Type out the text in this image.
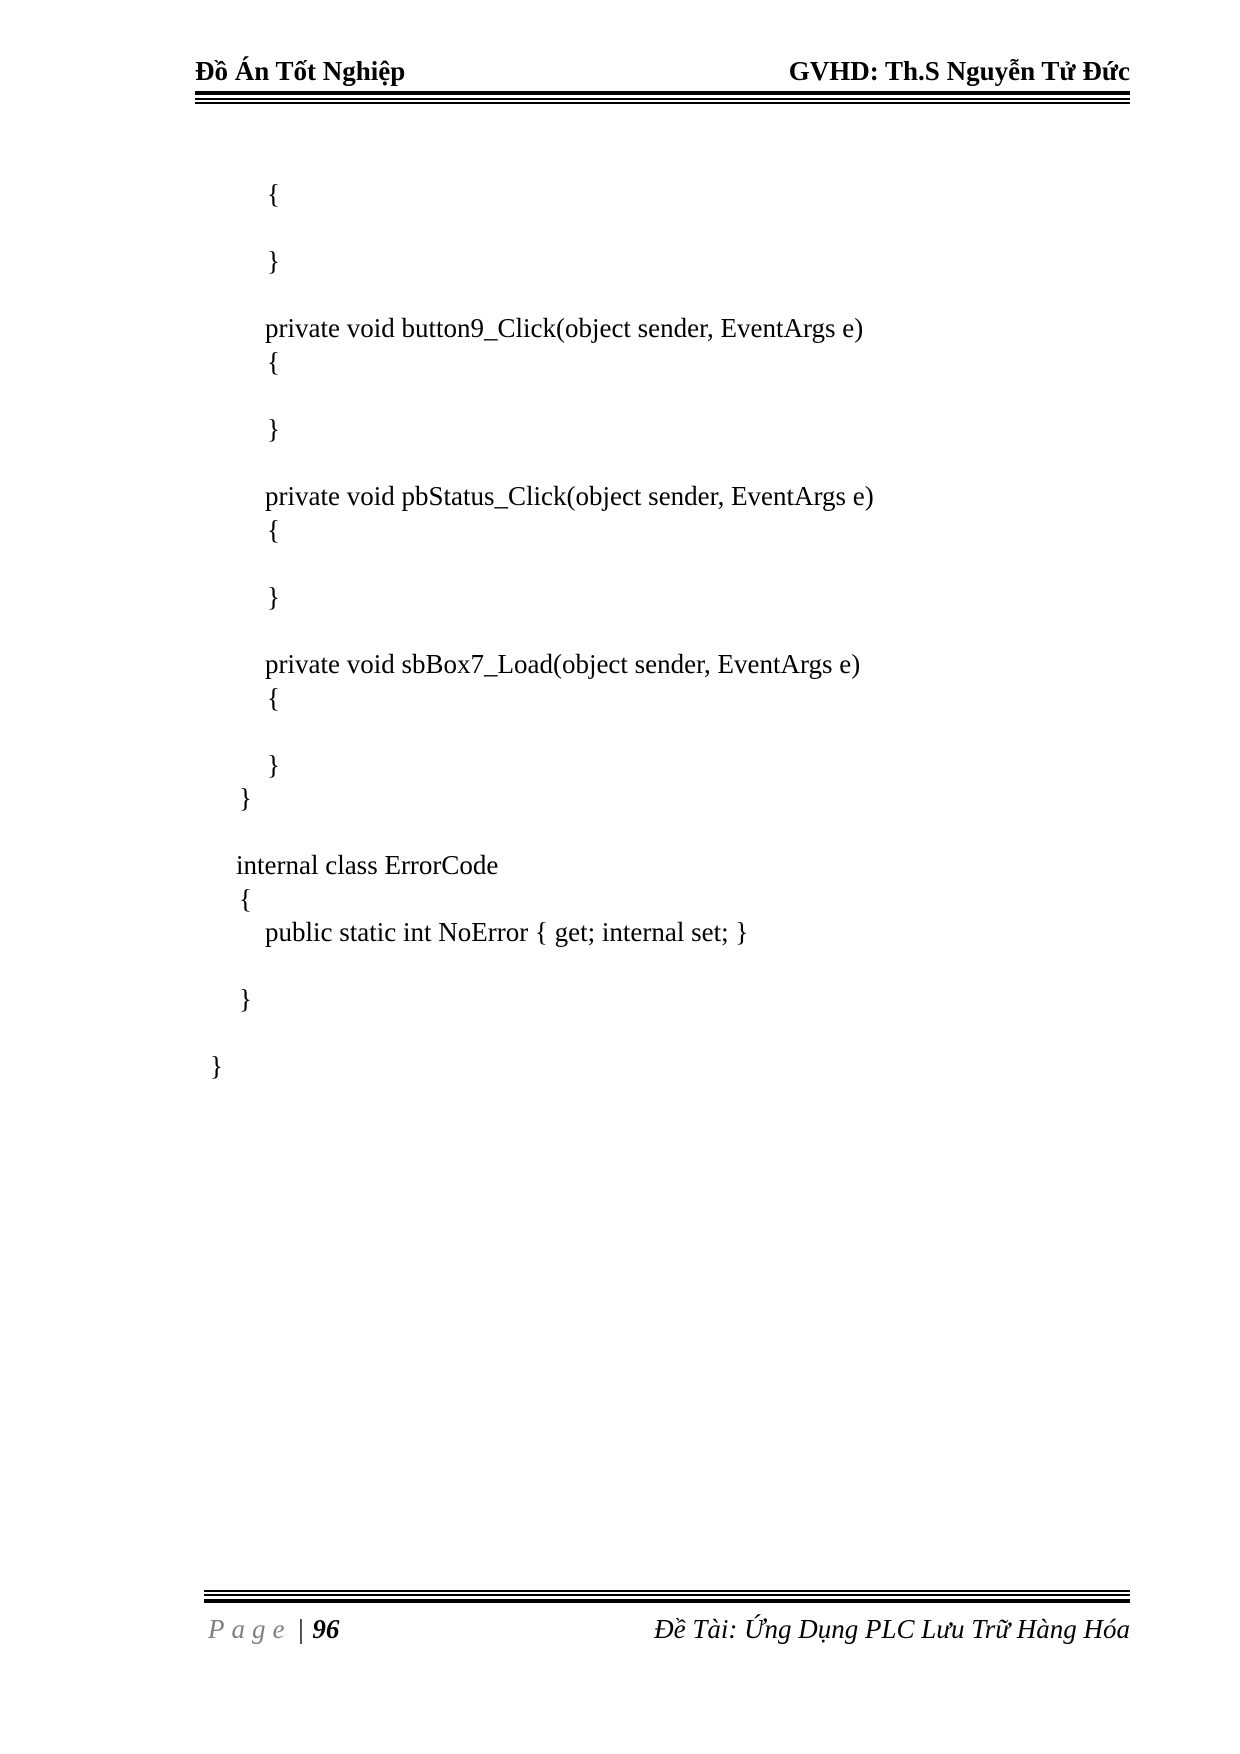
Đồ Án Tốt Nghiệp	GVHD: Th.S Nguyễn Tử Đức
{
}
private void button9_Click(object sender, EventArgs e)
{
}
private void pbStatus_Click(object sender, EventArgs e)
{
}
private void sbBox7_Load(object sender, EventArgs e)
{
}
}
internal class ErrorCode
{
public static int NoError { get; internal set; }
}
}
Page | 96	Đề Tài: Ứng Dụng PLC Lưu Trữ Hàng Hóa
